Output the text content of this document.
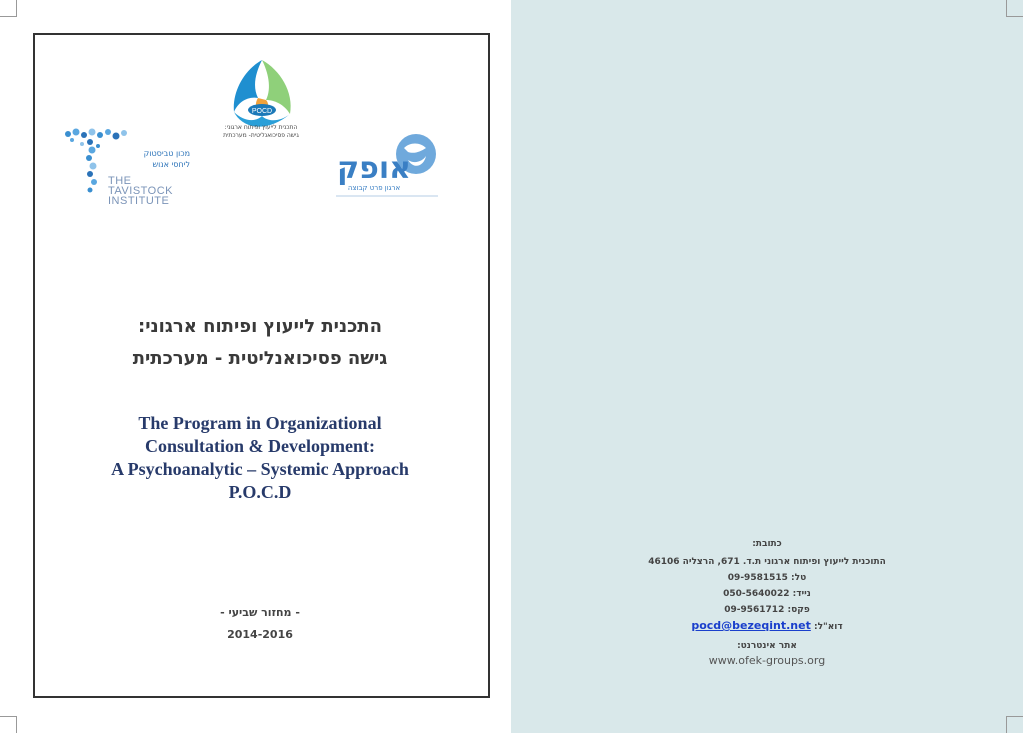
POCD
התכנית לייעוץ ופיתוח ארגוני:
גישה פסיכואנליטית- מערכתית
מכון טביסטוק
ליחסי אנוש
THE
TAVISTOCK
INSTITUTE
אופק
ארגון פרט קבוצה
התכנית לייעוץ ופיתוח ארגוני:
גישה פסיכואנליטית - מערכתית
The Program in Organizational
Consultation & Development:
A Psychoanalytic – Systemic Approach
P.O.C.D
- מחזור שביעי -
2014-2016
כתובת:
התוכנית לייעוץ ופיתוח ארגוני ת.ד. 671, הרצליה 46106
טל: 09-9581515
נייד: 050-5640022
פקס: 09-9561712
דוא"ל: pocd@bezeqint.net
אתר אינטרנט:
www.ofek-groups.org
